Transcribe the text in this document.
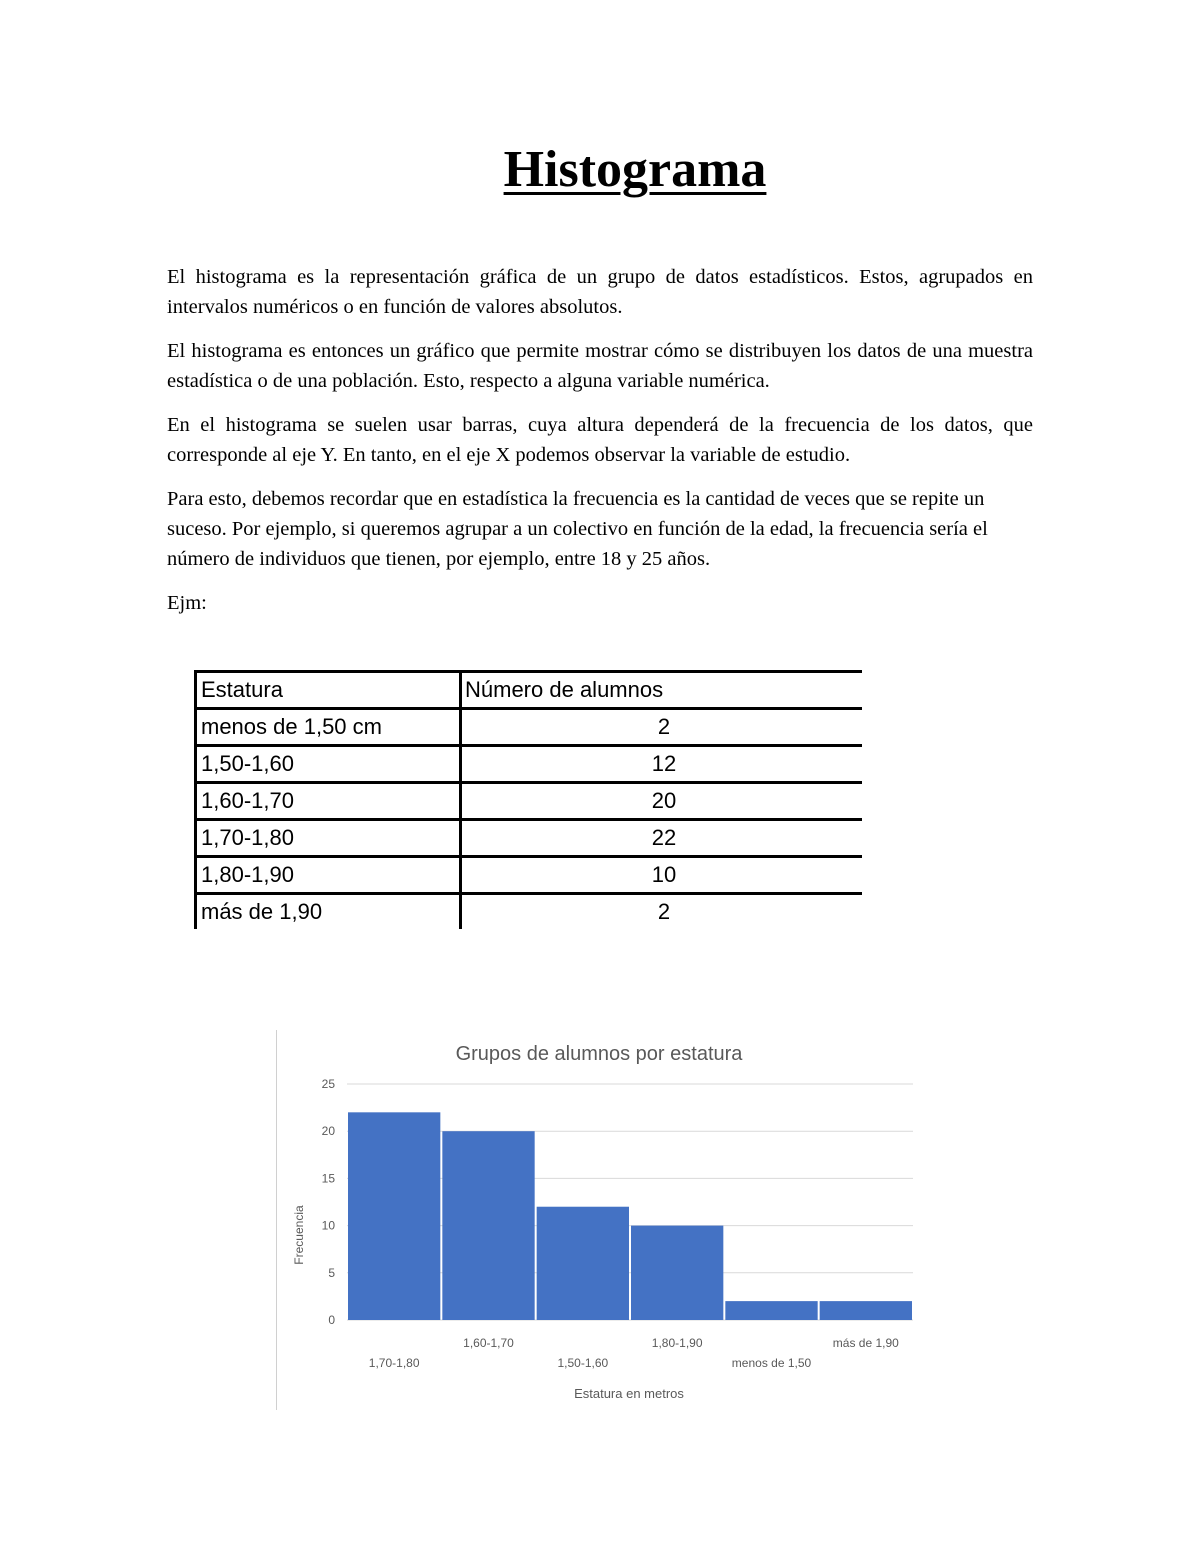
Histograma

El histograma es la representación gráfica de un grupo de datos estadísticos. Estos, agrupados en intervalos numéricos o en función de valores absolutos.

El histograma es entonces un gráfico que permite mostrar cómo se distribuyen los datos de una muestra estadística o de una población. Esto, respecto a alguna variable numérica.

En el histograma se suelen usar barras, cuya altura dependerá de la frecuencia de los datos, que corresponde al eje Y. En tanto, en el eje X podemos observar la variable de estudio.

Para esto, debemos recordar que en estadística la frecuencia es la cantidad de veces que se repite un suceso. Por ejemplo, si queremos agrupar a un colectivo en función de la edad, la frecuencia sería el número de individuos que tienen, por ejemplo, entre 18 y 25 años.

Ejm:

Estatura	Número de alumnos
menos de 1,50 cm	2
1,50-1,60	12
1,60-1,70	20
1,70-1,80	22
1,80-1,90	10
más de 1,90	2
Grupos de alumnos por estatura
Frecuencia
Estatura en metros
0
5
10
15
20
25
1,70-1,80
1,60-1,70
1,50-1,60
1,80-1,90
menos de 1,50
más de 1,90
